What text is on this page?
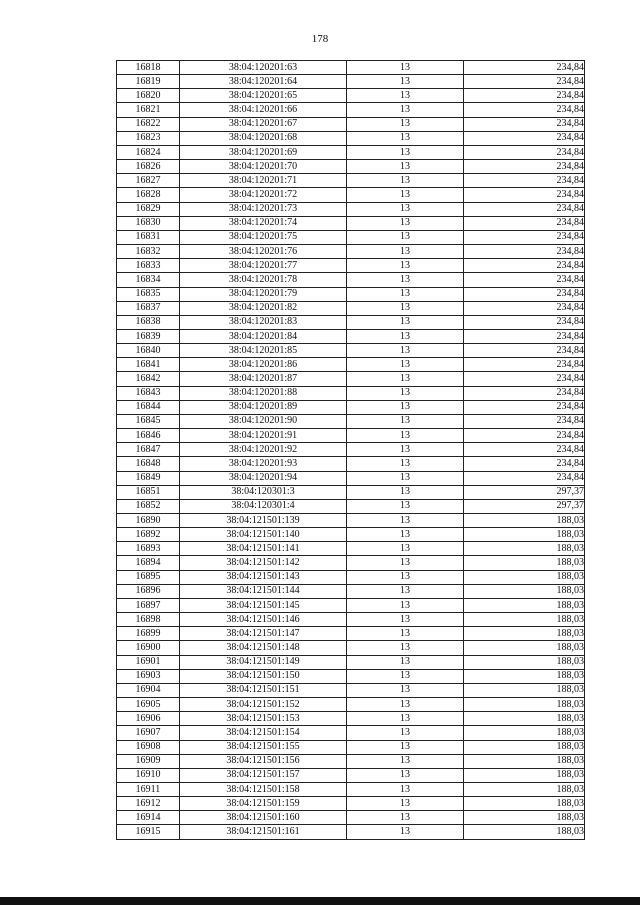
178
16818	38:04:120201:63	13	234,84
16819	38:04:120201:64	13	234,84
16820	38:04:120201:65	13	234,84
16821	38:04:120201:66	13	234,84
16822	38:04:120201:67	13	234,84
16823	38:04:120201:68	13	234,84
16824	38:04:120201:69	13	234,84
16826	38:04:120201:70	13	234,84
16827	38:04:120201:71	13	234,84
16828	38:04:120201:72	13	234,84
16829	38:04:120201:73	13	234,84
16830	38:04:120201:74	13	234,84
16831	38:04:120201:75	13	234,84
16832	38:04:120201:76	13	234,84
16833	38:04:120201:77	13	234,84
16834	38:04:120201:78	13	234,84
16835	38:04:120201:79	13	234,84
16837	38:04:120201:82	13	234,84
16838	38:04:120201:83	13	234,84
16839	38:04:120201:84	13	234,84
16840	38:04:120201:85	13	234,84
16841	38:04:120201:86	13	234,84
16842	38:04:120201:87	13	234,84
16843	38:04:120201:88	13	234,84
16844	38:04:120201:89	13	234,84
16845	38:04:120201:90	13	234,84
16846	38:04:120201:91	13	234,84
16847	38:04:120201:92	13	234,84
16848	38:04:120201:93	13	234,84
16849	38:04:120201:94	13	234,84
16851	38:04:120301:3	13	297,37
16852	38:04:120301:4	13	297,37
16890	38:04:121501:139	13	188,03
16892	38:04:121501:140	13	188,03
16893	38:04:121501:141	13	188,03
16894	38:04:121501:142	13	188,03
16895	38:04:121501:143	13	188,03
16896	38:04:121501:144	13	188,03
16897	38:04:121501:145	13	188,03
16898	38:04:121501:146	13	188,03
16899	38:04:121501:147	13	188,03
16900	38:04:121501:148	13	188,03
16901	38:04:121501:149	13	188,03
16903	38:04:121501:150	13	188,03
16904	38:04:121501:151	13	188,03
16905	38:04:121501:152	13	188,03
16906	38:04:121501:153	13	188,03
16907	38:04:121501:154	13	188,03
16908	38:04:121501:155	13	188,03
16909	38:04:121501:156	13	188,03
16910	38:04:121501:157	13	188,03
16911	38:04:121501:158	13	188,03
16912	38:04:121501:159	13	188,03
16914	38:04:121501:160	13	188,03
16915	38:04:121501:161	13	188,03
